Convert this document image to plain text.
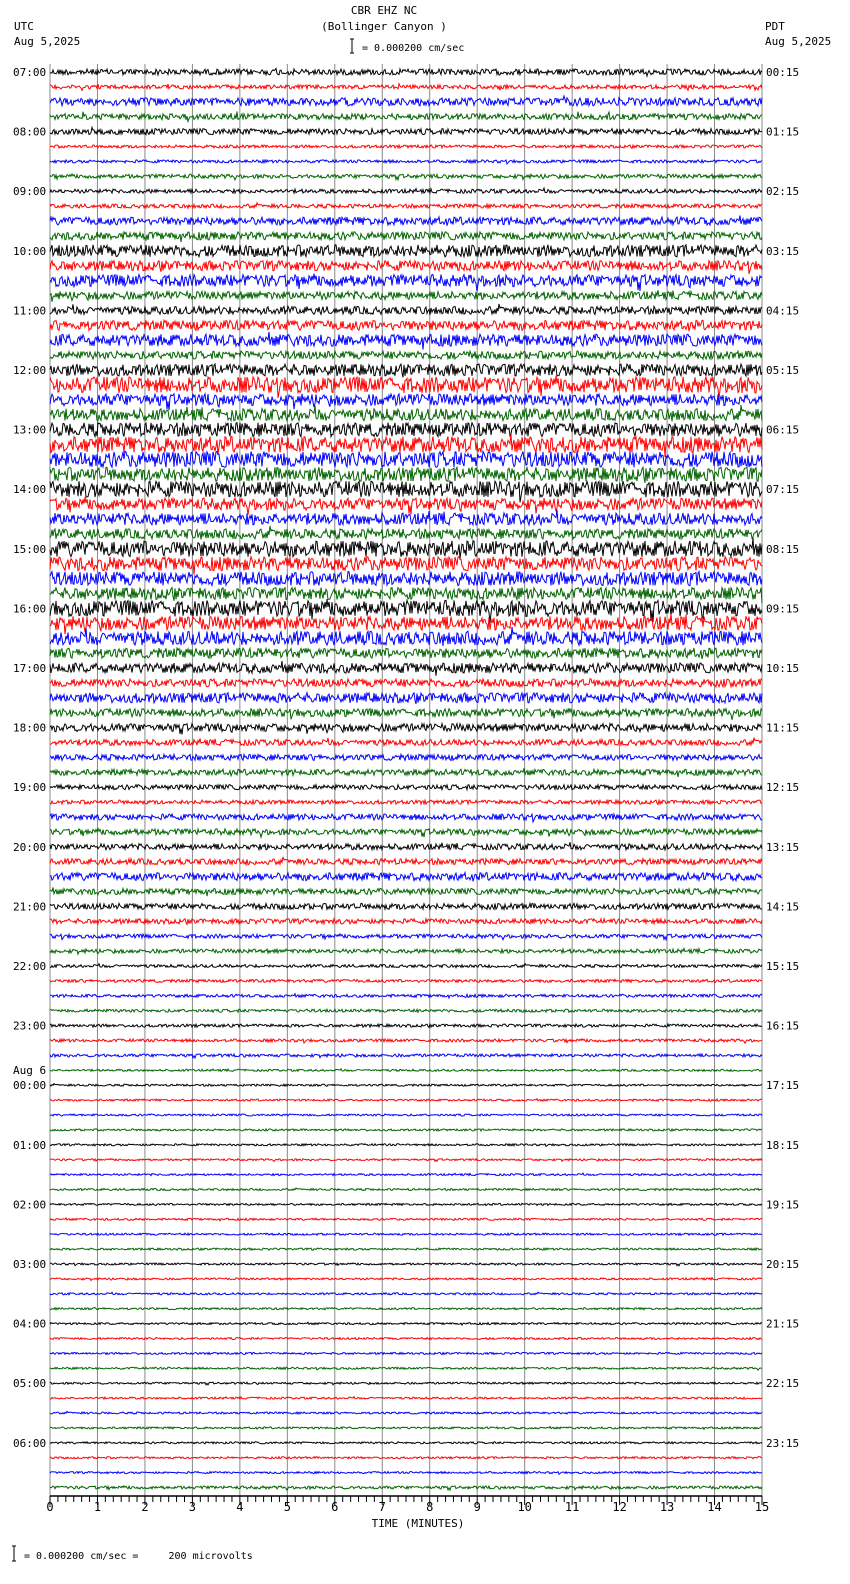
CBR EHZ NC
(Bollinger Canyon )
UTC
Aug 5,2025
PDT
Aug 5,2025
= 0.000200 cm/sec
07:00
08:00
09:00
10:00
11:00
12:00
13:00
14:00
15:00
16:00
17:00
18:00
19:00
20:00
21:00
22:00
23:00
00:00
01:00
02:00
03:00
04:00
05:00
06:00
00:15
01:15
02:15
03:15
04:15
05:15
06:15
07:15
08:15
09:15
10:15
11:15
12:15
13:15
14:15
15:15
16:15
17:15
18:15
19:15
20:15
21:15
22:15
23:15
Aug 6
0	1	2	3	4	5	6	7	8	9	10	11	12	13	14	15
TIME (MINUTES)
= 0.000200 cm/sec =     200 microvolts
